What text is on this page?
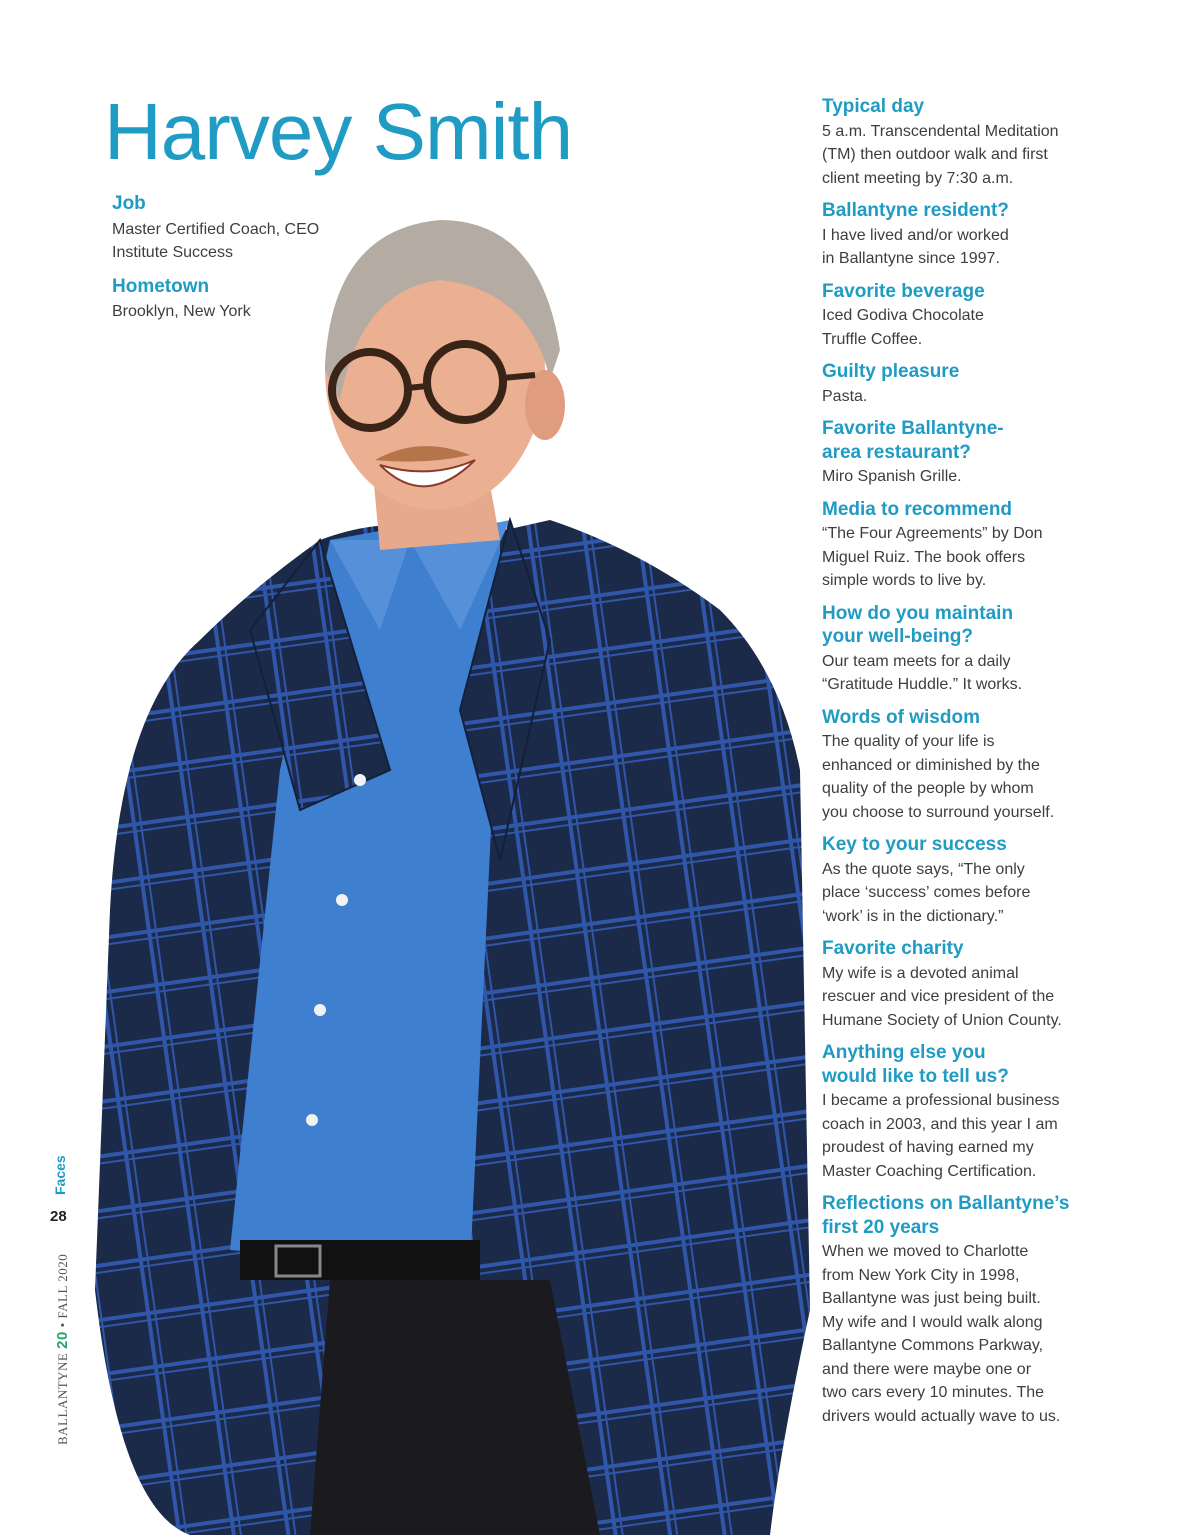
Harvey Smith
Job
Master Certified Coach, CEO
Institute Success
Hometown
Brooklyn, New York
Typical day
5 a.m. Transcendental Meditation
(TM) then outdoor walk and first
client meeting by 7:30 a.m.
Ballantyne resident?
I have lived and/or worked
in Ballantyne since 1997.
Favorite beverage
Iced Godiva Chocolate
Truffle Coffee.
Guilty pleasure
Pasta.
Favorite Ballantyne-
area restaurant?
Miro Spanish Grille.
Media to recommend
“The Four Agreements” by Don
Miguel Ruiz. The book offers
simple words to live by.
How do you maintain
your well-being?
Our team meets for a daily
“Gratitude Huddle.” It works.
Words of wisdom
The quality of your life is
enhanced or diminished by the
quality of the people by whom
you choose to surround yourself.
Key to your success
As the quote says, “The only
place ‘success’ comes before
‘work’ is in the dictionary.”
Favorite charity
My wife is a devoted animal
rescuer and vice president of the
Humane Society of Union County.
Anything else you
would like to tell us?
I became a professional business
coach in 2003, and this year I am
proudest of having earned my
Master Coaching Certification.
Reflections on Ballantyne’s
first 20 years
When we moved to Charlotte
from New York City in 1998,
Ballantyne was just being built.
My wife and I would walk along
Ballantyne Commons Parkway,
and there were maybe one or
two cars every 10 minutes. The
drivers would actually wave to us.
Faces
28
BALLANTYNE 20 • FALL 2020
